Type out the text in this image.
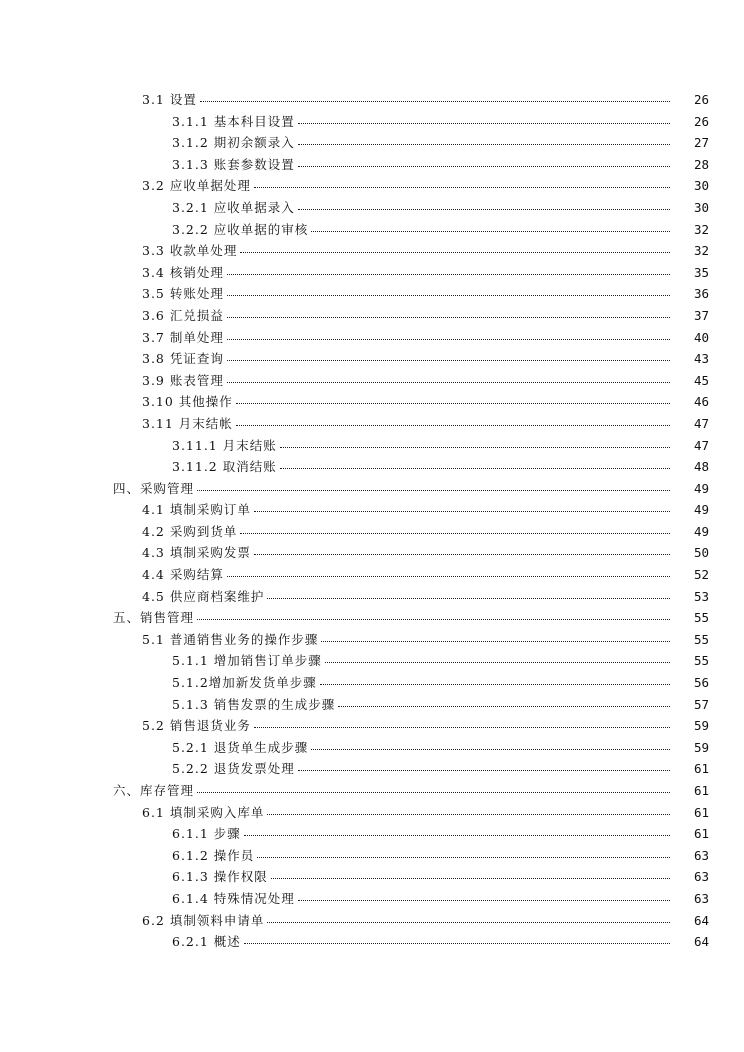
3.1 设置	26
3.1.1 基本科目设置	26
3.1.2 期初余额录入	27
3.1.3 账套参数设置	28
3.2 应收单据处理	30
3.2.1 应收单据录入	30
3.2.2 应收单据的审核	32
3.3 收款单处理	32
3.4 核销处理	35
3.5 转账处理	36
3.6 汇兑损益	37
3.7 制单处理	40
3.8 凭证查询	43
3.9 账表管理	45
3.10 其他操作	46
3.11 月末结帐	47
3.11.1 月末结账	47
3.11.2 取消结账	48
四、采购管理	49
4.1 填制采购订单	49
4.2 采购到货单	49
4.3 填制采购发票	50
4.4 采购结算	52
4.5 供应商档案维护	53
五、销售管理	55
5.1 普通销售业务的操作步骤	55
5.1.1 增加销售订单步骤	55
5.1.2增加新发货单步骤	56
5.1.3 销售发票的生成步骤	57
5.2 销售退货业务	59
5.2.1 退货单生成步骤	59
5.2.2 退货发票处理	61
六、库存管理	61
6.1 填制采购入库单	61
6.1.1 步骤	61
6.1.2 操作员	63
6.1.3 操作权限	63
6.1.4 特殊情况处理	63
6.2 填制领料申请单	64
6.2.1 概述	64
